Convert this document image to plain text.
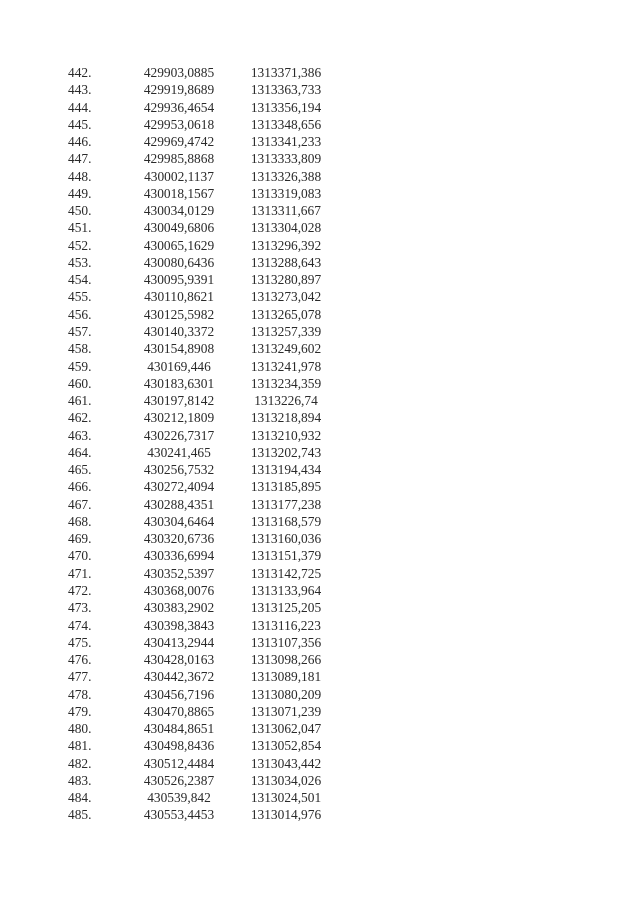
442.	429903,0885	1313371,386
443.	429919,8689	1313363,733
444.	429936,4654	1313356,194
445.	429953,0618	1313348,656
446.	429969,4742	1313341,233
447.	429985,8868	1313333,809
448.	430002,1137	1313326,388
449.	430018,1567	1313319,083
450.	430034,0129	1313311,667
451.	430049,6806	1313304,028
452.	430065,1629	1313296,392
453.	430080,6436	1313288,643
454.	430095,9391	1313280,897
455.	430110,8621	1313273,042
456.	430125,5982	1313265,078
457.	430140,3372	1313257,339
458.	430154,8908	1313249,602
459.	430169,446	1313241,978
460.	430183,6301	1313234,359
461.	430197,8142	1313226,74
462.	430212,1809	1313218,894
463.	430226,7317	1313210,932
464.	430241,465	1313202,743
465.	430256,7532	1313194,434
466.	430272,4094	1313185,895
467.	430288,4351	1313177,238
468.	430304,6464	1313168,579
469.	430320,6736	1313160,036
470.	430336,6994	1313151,379
471.	430352,5397	1313142,725
472.	430368,0076	1313133,964
473.	430383,2902	1313125,205
474.	430398,3843	1313116,223
475.	430413,2944	1313107,356
476.	430428,0163	1313098,266
477.	430442,3672	1313089,181
478.	430456,7196	1313080,209
479.	430470,8865	1313071,239
480.	430484,8651	1313062,047
481.	430498,8436	1313052,854
482.	430512,4484	1313043,442
483.	430526,2387	1313034,026
484.	430539,842	1313024,501
485.	430553,4453	1313014,976
